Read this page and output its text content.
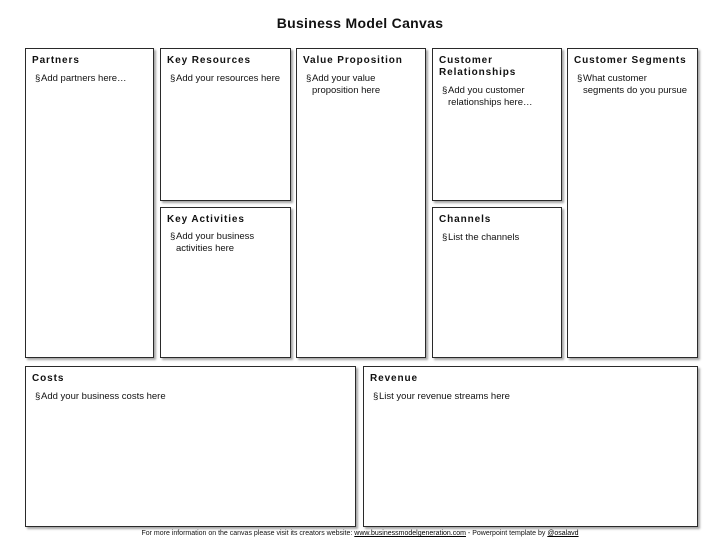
Business Model Canvas
Partners
§Add partners here…
Key Resources
§Add your resources here
Key Activities
§Add your business activities here
Value Proposition
§Add your value proposition here
Customer Relationships
§Add you customer relationships here…
Channels
§List the channels
Customer Segments
§What customer segments do you pursue
Costs
§Add your business costs here
Revenue
§List your revenue streams here
For more information on the canvas please visit its creators website: www.businessmodelgeneration.com - Powerpoint template by @osalavd
